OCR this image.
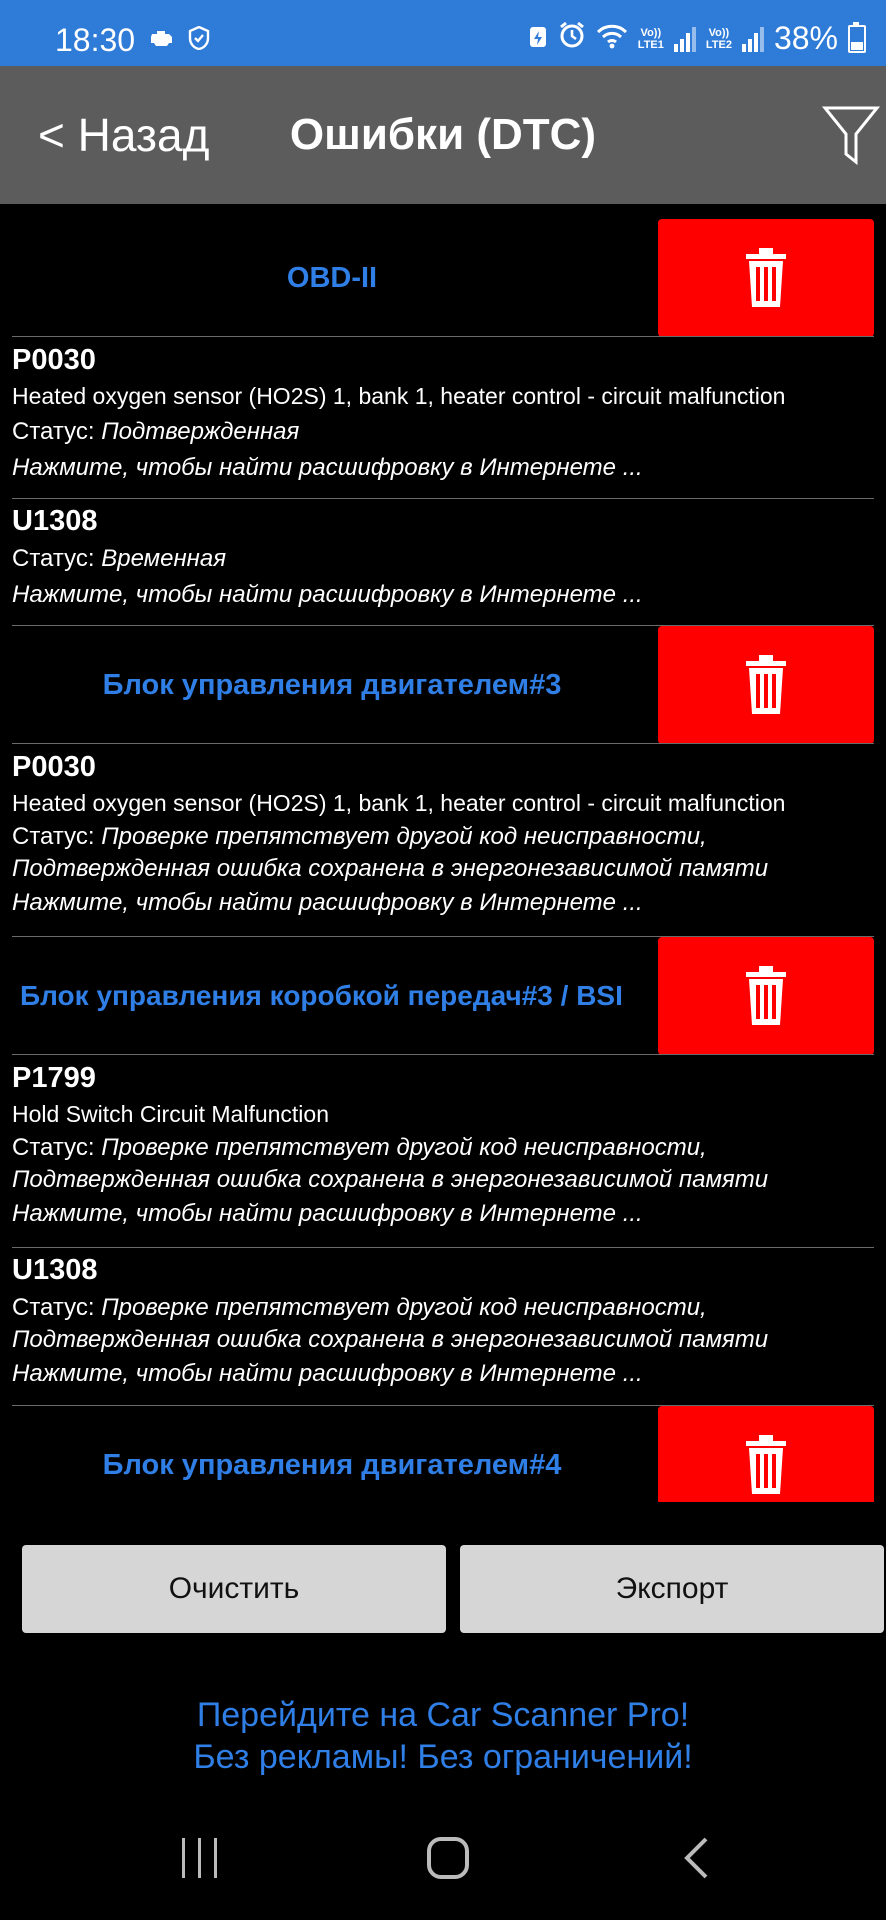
18:30	Vo))
LTE1
Vo))
LTE2 38%
< Назад	Ошибки (DTC)
OBD-II
P0030
Heated oxygen sensor (HO2S) 1, bank 1, heater control - circuit malfunction
Статус: Подтвержденная
Нажмите, чтобы найти расшифровку в Интернете ...
U1308
Статус: Временная
Нажмите, чтобы найти расшифровку в Интернете ...
Блок управления двигателем#3
P0030
Heated oxygen sensor (HO2S) 1, bank 1, heater control - circuit malfunction
Статус: Проверке препятствует другой код неисправности,
Подтвержденная ошибка сохранена в энергонезависимой памяти
Нажмите, чтобы найти расшифровку в Интернете ...
Блок управления коробкой передач#3 / BSI
P1799
Hold Switch Circuit Malfunction
Статус: Проверке препятствует другой код неисправности,
Подтвержденная ошибка сохранена в энергонезависимой памяти
Нажмите, чтобы найти расшифровку в Интернете ...
U1308
Статус: Проверке препятствует другой код неисправности,
Подтвержденная ошибка сохранена в энергонезависимой памяти
Нажмите, чтобы найти расшифровку в Интернете ...
Блок управления двигателем#4
Очистить	Экспорт
Перейдите на Car Scanner Pro!
Без рекламы! Без ограничений!
